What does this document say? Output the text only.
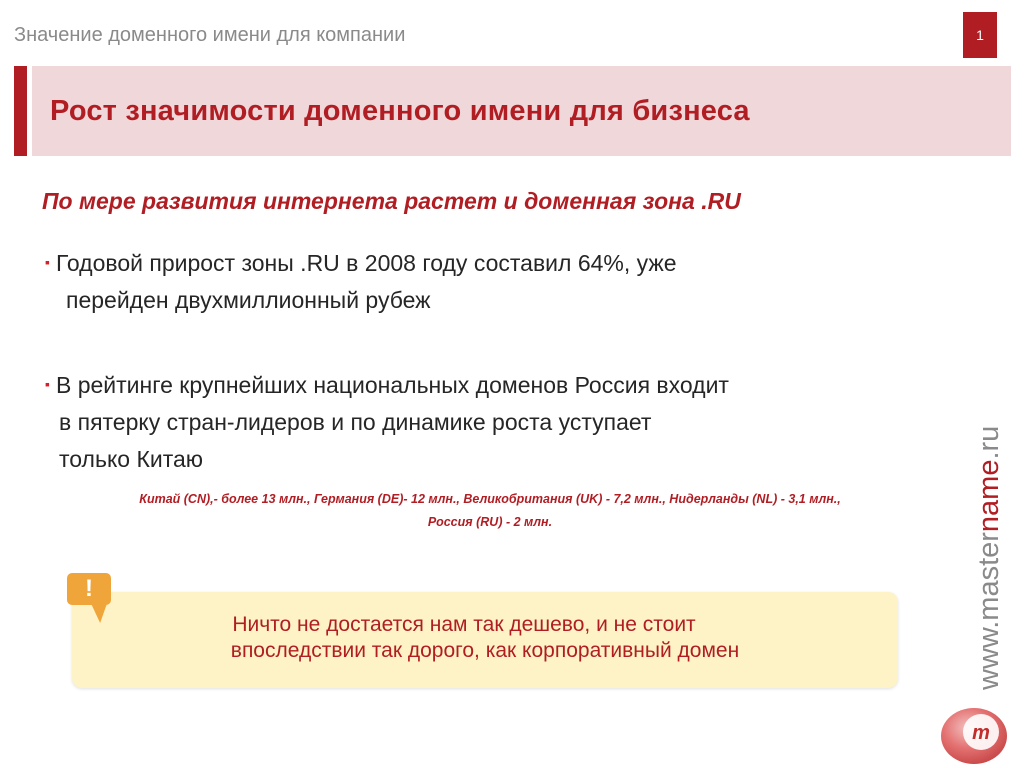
Значение доменного имени для компании	1
Рост значимости доменного имени для бизнеса
По мере развития интернета растет и доменная зона .RU
▪ Годовой прирост зоны .RU в 2008 году составил 64%, уже
перейден двухмиллионный рубеж
▪ В рейтинге крупнейших национальных доменов Россия входит
в пятерку стран-лидеров и по динамике роста уступает
только Китаю
Китай (CN),- более 13 млн., Германия (DE)- 12 млн., Великобритания (UK) - 7,2 млн., Нидерланды (NL) - 3,1 млн.,
Россия (RU) - 2 млн.
Ничто не достается нам так дешево, и не стоит
впоследствии так дорого, как корпоративный домен
!	www.mastername.ru
m
